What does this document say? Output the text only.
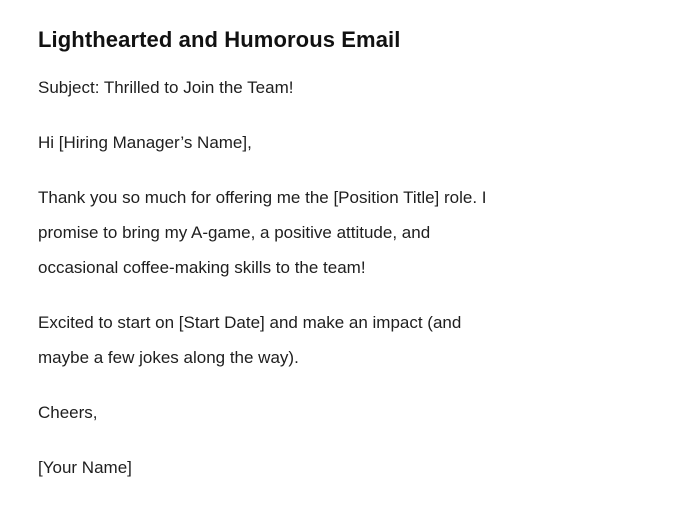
Lighthearted and Humorous Email

Subject: Thrilled to Join the Team!

Hi [Hiring Manager’s Name],

Thank you so much for offering me the [Position Title] role. I
promise to bring my A-game, a positive attitude, and
occasional coffee-making skills to the team!

Excited to start on [Start Date] and make an impact (and
maybe a few jokes along the way).

Cheers,

[Your Name]
